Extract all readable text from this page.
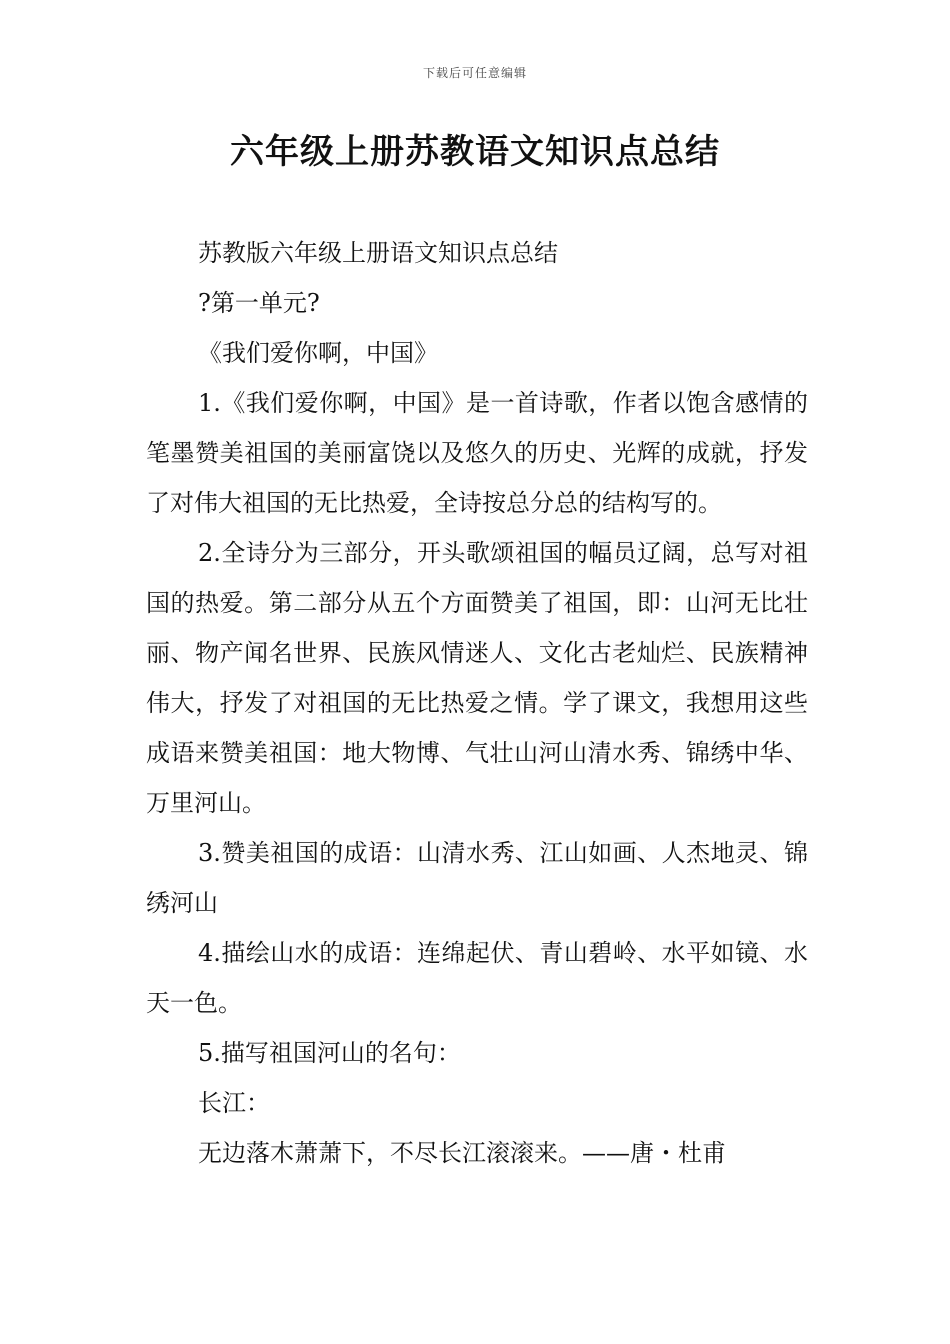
下载后可任意编辑
六年级上册苏教语文知识点总结

苏教版六年级上册语文知识点总结

?第一单元?

《我们爱你啊，中国》

1.《我们爱你啊，中国》是一首诗歌，作者以饱含感情的笔墨赞美祖国的美丽富饶以及悠久的历史、光辉的成就，抒发了对伟大祖国的无比热爱，全诗按总分总的结构写的。

2.全诗分为三部分，开头歌颂祖国的幅员辽阔，总写对祖国的热爱。第二部分从五个方面赞美了祖国，即：山河无比壮丽、物产闻名世界、民族风情迷人、文化古老灿烂、民族精神伟大，抒发了对祖国的无比热爱之情。学了课文，我想用这些成语来赞美祖国：地大物博、气壮山河山清水秀、锦绣中华、万里河山。

3.赞美祖国的成语：山清水秀、江山如画、人杰地灵、锦绣河山

4.描绘山水的成语：连绵起伏、青山碧岭、水平如镜、水天一色。

5.描写祖国河山的名句：

长江：

无边落木萧萧下，不尽长江滚滚来。——唐・杜甫
